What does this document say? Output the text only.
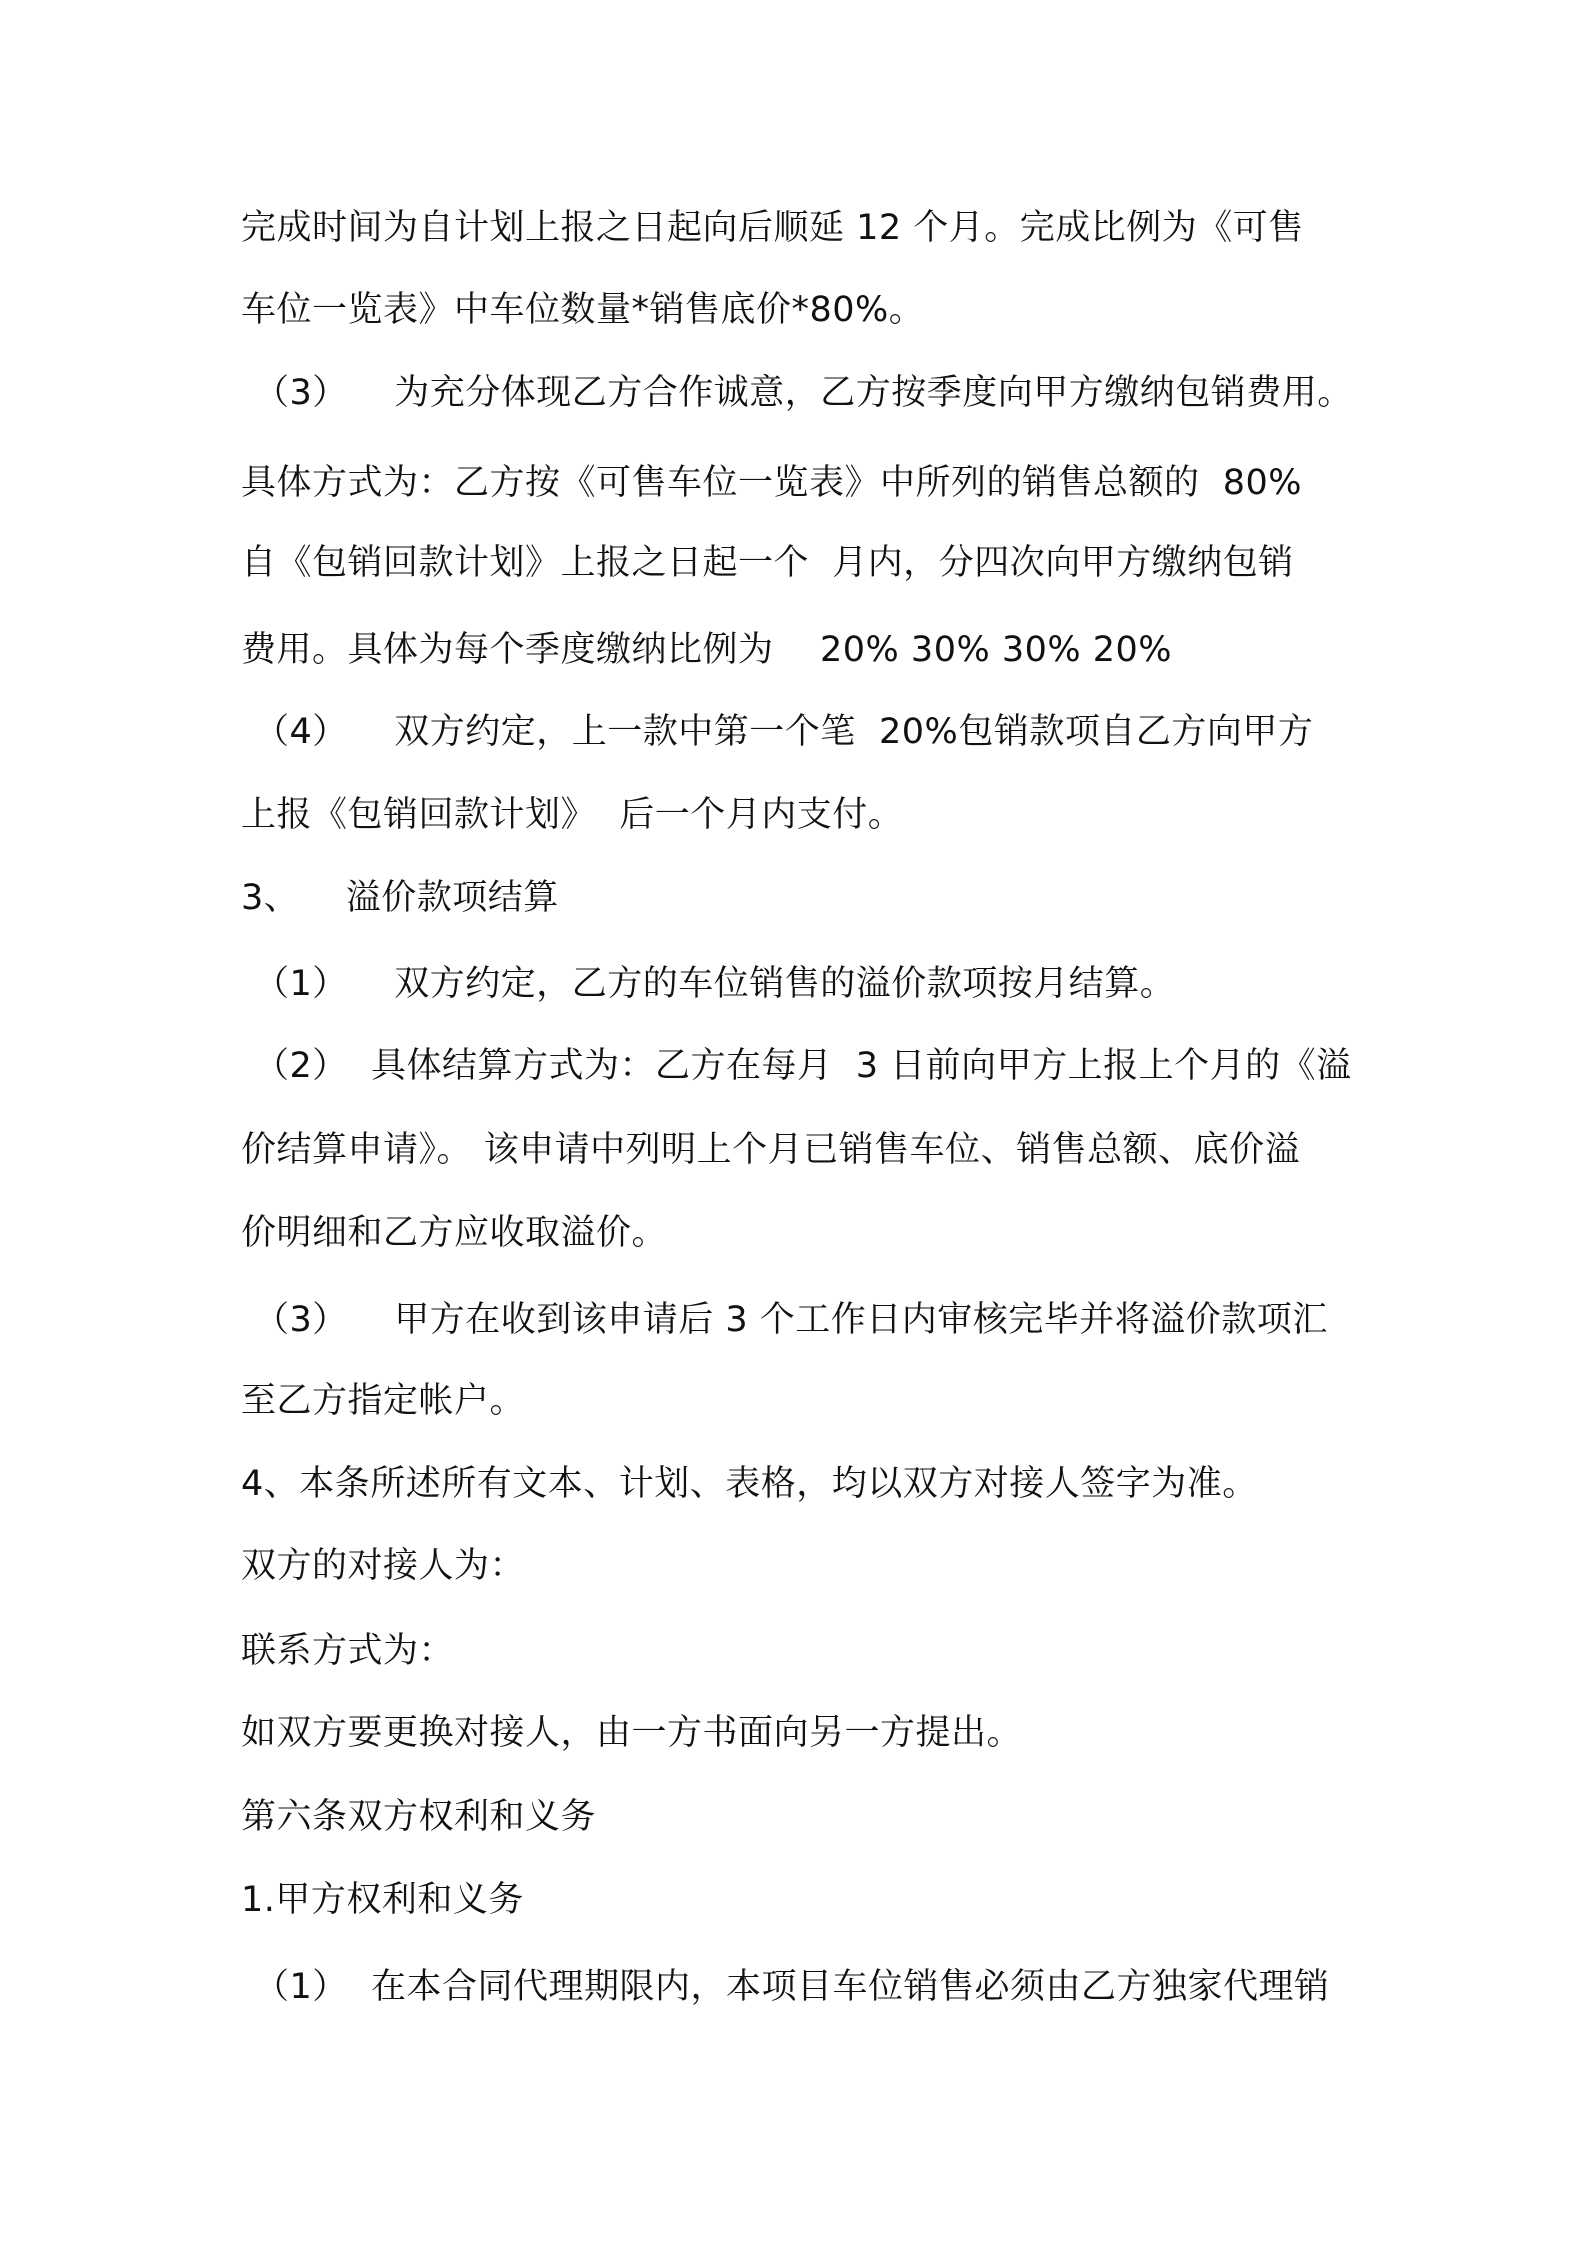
完成时间为自计划上报之日起向后顺延 12 个月。完成比例为《可售
车位一览表》中车位数量*销售底价*80%。
（3）    为充分体现乙方合作诚意，乙方按季度向甲方缴纳包销费用。
具体方式为：乙方按《可售车位一览表》中所列的销售总额的  80%
自《包销回款计划》上报之日起一个  月内，分四次向甲方缴纳包销
费用。具体为每个季度缴纳比例为    20% 30% 30% 20%
（4）    双方约定，上一款中第一个笔  20%包销款项自乙方向甲方
上报《包销回款计划》  后一个月内支付。
3、    溢价款项结算
（1）    双方约定，乙方的车位销售的溢价款项按月结算。
（2）  具体结算方式为：乙方在每月  3 日前向甲方上报上个月的《溢
价结算申请》。 该申请中列明上个月已销售车位、销售总额、底价溢
价明细和乙方应收取溢价。
（3）    甲方在收到该申请后 3 个工作日内审核完毕并将溢价款项汇
至乙方指定帐户。
4、本条所述所有文本、计划、表格，均以双方对接人签字为准。
双方的对接人为：
联系方式为：
如双方要更换对接人，由一方书面向另一方提出。
第六条双方权利和义务
1.甲方权利和义务
（1）  在本合同代理期限内，本项目车位销售必须由乙方独家代理销
